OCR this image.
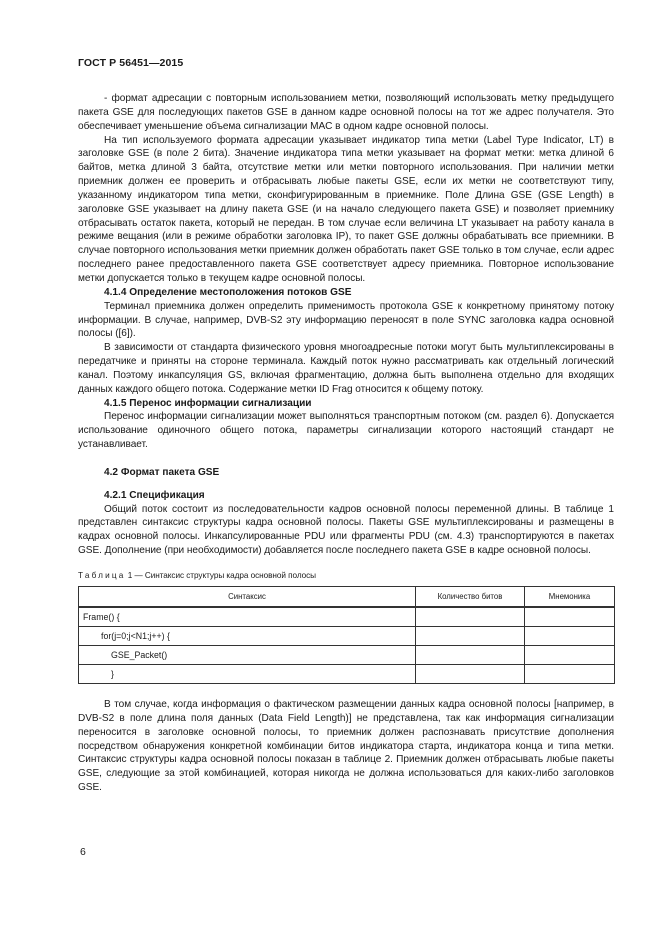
ГОСТ Р 56451—2015

- формат адресации с повторным использованием метки, позволяющий использовать метку предыдущего пакета GSE для последующих пакетов GSE в данном кадре основной полосы на тот же адрес получателя. Это обеспечивает уменьшение объема сигнализации MAC в одном кадре основной полосы.

На тип используемого формата адресации указывает индикатор типа метки (Label Type Indicator, LT) в заголовке GSE (в поле 2 бита). Значение индикатора типа метки указывает на формат метки: метка длиной 6 байтов, метка длиной 3 байта, отсутствие метки или метки повторного использования. При наличии метки приемник должен ее проверить и отбрасывать любые пакеты GSE, если их метки не соответствуют типу, указанному индикатором типа метки, сконфигурированным в приемнике. Поле Длина GSE (GSE Length) в заголовке GSE указывает на длину пакета GSE (и на начало следующего пакета GSE) и позволяет приемнику отбрасывать остаток пакета, который не передан. В том случае если величина LT указывает на работу канала в режиме вещания (или в режиме обработки заголовка IP), то пакет GSE должны обрабатывать все приемники. В случае повторного использования метки приемник должен обработать пакет GSE только в том случае, если адрес последнего ранее предоставленного пакета GSE соответствует адресу приемника. Повторное использование метки допускается только в текущем кадре основной полосы.

4.1.4 Определение местоположения потоков GSE

Терминал приемника должен определить применимость протокола GSE к конкретному принятому потоку информации. В случае, например, DVB-S2 эту информацию переносят в поле SYNC заголовка кадра основной полосы ([6]).

В зависимости от стандарта физического уровня многоадресные потоки могут быть мультиплексированы в передатчике и приняты на стороне терминала. Каждый поток нужно рассматривать как отдельный логический канал. Поэтому инкапсуляция GS, включая фрагментацию, должна быть выполнена отдельно для входящих данных каждого общего потока. Содержание метки ID Frag относится к общему потоку.

4.1.5 Перенос информации сигнализации

Перенос информации сигнализации может выполняться транспортным потоком (см. раздел 6). Допускается использование одиночного общего потока, параметры сигнализации которого настоящий стандарт не устанавливает.

4.2 Формат пакета GSE
4.2.1 Спецификация

Общий поток состоит из последовательности кадров основной полосы переменной длины. В таблице 1 представлен синтаксис структуры кадра основной полосы. Пакеты GSE мультиплексированы и размещены в кадрах основной полосы. Инкапсулированные PDU или фрагменты PDU (см. 4.3) транспортируются в пакетах GSE. Дополнение (при необходимости) добавляется после последнего пакета GSE в кадре основной полосы.

Таблица 1 — Синтаксис структуры кадра основной полосы

Синтаксис	Количество битов	Мнемоника
Frame() {		
for(j=0;j<N1;j++) {		
GSE_Packet()		
}		

В том случае, когда информация о фактическом размещении данных кадра основной полосы [например, в DVB-S2 в поле длина поля данных (Data Field Length)] не представлена, так как информация сигнализации переносится в заголовке основной полосы, то приемник должен распознавать присутствие дополнения посредством обнаружения конкретной комбинации битов индикатора старта, индикатора конца и типа метки. Синтаксис структуры кадра основной полосы показан в таблице 2. Приемник должен отбрасывать любые пакеты GSE, следующие за этой комбинацией, которая никогда не должна использоваться для каких-либо заголовков GSE.

6
